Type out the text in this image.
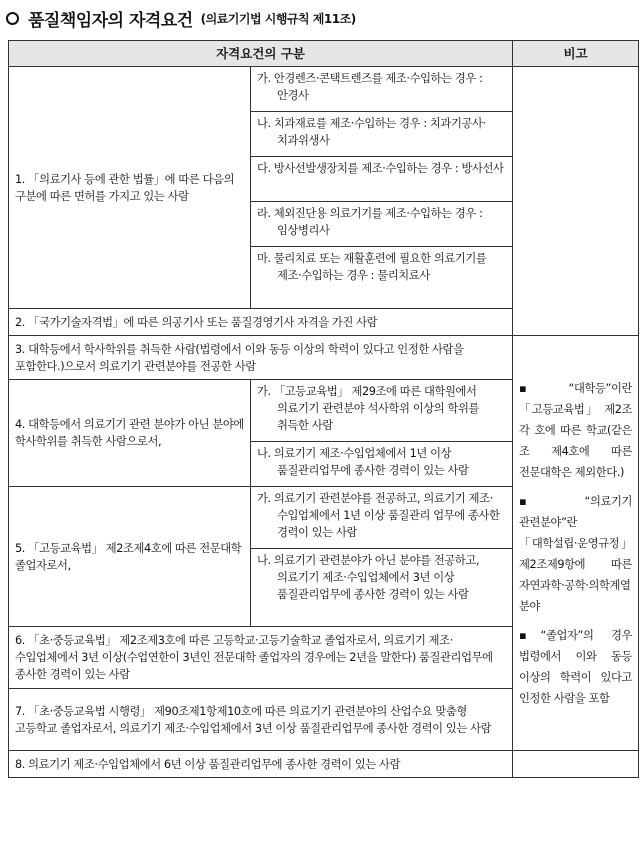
품질책임자의 자격요건 (의료기기법 시행규칙 제11조)
자격요건의 구분		비고
1. 「의료기사 등에 관한 법률」에 따른 다음의 구분에 따른 면허를 가지고 있는 사람	가. 안경렌즈·콘택트렌즈를 제조·수입하는 경우 : 안경사	

	나. 치과재료를 제조·수입하는 경우 : 치과기공사·치과위생사	

	다. 방사선발생장치를 제조·수입하는 경우 : 방사선사	

	라. 체외진단용 의료기기를 제조·수입하는 경우 : 임상병리사	

	마. 물리치료 또는 재활훈련에 필요한 의료기기를 제조·수입하는 경우 : 물리치료사	

2. 「국가기술자격법」에 따른 의공기사 또는 품질경영기사 자격을 가진 사람		
3. 대학등에서 학사학위를 취득한 사람(법령에서 이와 동등 이상의 학력이 있다고 인정한 사람을 포함한다.)으로서 의료기기 관련분야를 전공한 사람		▪“대학등”이란 「고등교육법」 제2조 각 호에 따른 학교(같은 조 제4호에 따른 전문대학은 제외한다.)

▪“의료기기 관련분야”란 「대학설립·운영규정」 제2조제9항에 따른 자연과학·공학·의학계열 분야

▪“졸업자”의 경우 법령에서 이와 동등 이상의 학력이 있다고 인정한 사람을 포함

4. 대학등에서 의료기기 관련 분야가 아닌 분야에 학사학위를 취득한 사람으로서,	가. 「고등교육법」 제29조에 따른 대학원에서 의료기기 관련분야 석사학위 이상의 학위를 취득한 사람	

	나. 의료기기 제조·수입업체에서 1년 이상 품질관리업무에 종사한 경력이 있는 사람	

5. 「고등교육법」 제2조제4호에 따른 전문대학 졸업자로서,	가. 의료기기 관련분야를 전공하고, 의료기기 제조·수입업체에서 1년 이상 품질관리 업무에 종사한 경력이 있는 사람	

	나. 의료기기 관련분야가 아닌 분야를 전공하고, 의료기기 제조·수입업체에서 3년 이상 품질관리업무에 종사한 경력이 있는 사람	

6. 「초·중등교육법」 제2조제3호에 따른 고등학교·고등기술학교 졸업자로서, 의료기기 제조·수입업체에서 3년 이상(수업연한이 3년인 전문대학 졸업자의 경우에는 2년을 말한다) 품질관리업무에 종사한 경력이 있는 사람		
7. 「초·중등교육법 시행령」 제90조제1항제10호에 따른 의료기기 관련분야의 산업수요 맞춤형 고등학교 졸업자로서, 의료기기 제조·수입업체에서 3년 이상 품질관리업무에 종사한 경력이 있는 사람		
8. 의료기기 제조·수입업체에서 6년 이상 품질관리업무에 종사한 경력이 있는 사람		
